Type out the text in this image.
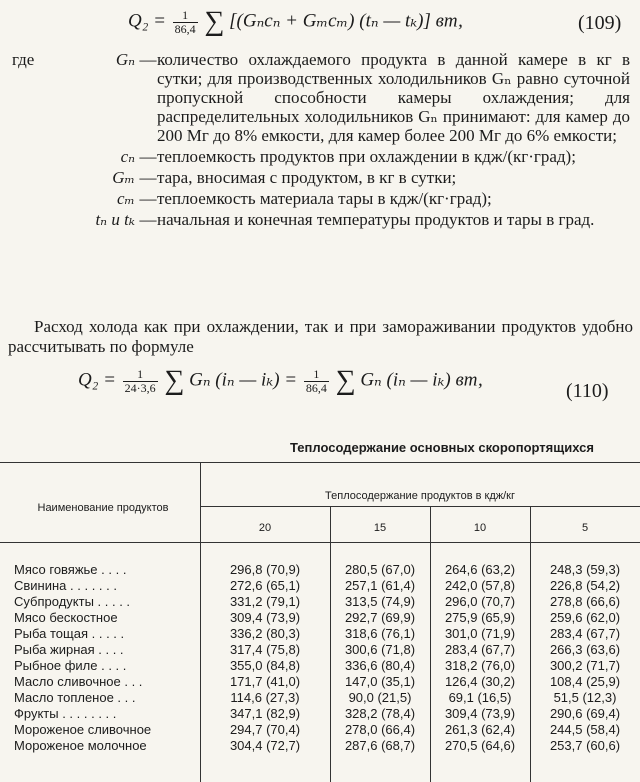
$Q_2 = \frac{1}{86,4}$ ∑ [(Gₙcₙ + Gₘcₘ) (tₙ — tₖ)] вт,	(109)
где	Gₙ — количество охлаждаемого продукта в данной камере в кг в сутки; для производственных холодильников Gₙ равно суточной пропускной способности камеры охлаждения; для распределительных холодильников Gₙ принимают: для камер до 200 Мг до 8% емкости, для камер более 200 Мг до 6% емкости;
cₙ — теплоемкость продуктов при охлаждении в кдж/(кг·град);
Gₘ — тара, вносимая с продуктом, в кг в сутки;
cₘ — теплоемкость материала тары в кдж/(кг·град);
tₙ и tₖ — начальная и конечная температуры продуктов и тары в град.
Расход холода как при охлаждении, так и при замораживании продуктов удобно рассчитывать по формуле
$Q_2 = \frac{1}{24\cdot 3,6}$ ∑ Gₙ (iₙ — $i_k) = \frac{1}{86,4}$ ∑ Gₙ (iₙ — iₖ) вт,
(110)
Теплосодержание основных скоропортящихся
Наименование продуктов
Теплосодержание продуктов в кдж/кг
20	15	10	5
Мясо говяжье . . . .	296,8 (70,9)	280,5 (67,0)	264,6 (63,2)	248,3 (59,3)
Свинина . . . . . . .	272,6 (65,1)	257,1 (61,4)	242,0 (57,8)	226,8 (54,2)
Субпродукты . . . . .	331,2 (79,1)	313,5 (74,9)	296,0 (70,7)	278,8 (66,6)
Мясо бескостное	309,4 (73,9)	292,7 (69,9)	275,9 (65,9)	259,6 (62,0)
Рыба тощая . . . . .	336,2 (80,3)	318,6 (76,1)	301,0 (71,9)	283,4 (67,7)
Рыба жирная . . . .	317,4 (75,8)	300,6 (71,8)	283,4 (67,7)	266,3 (63,6)
Рыбное филе . . . .	355,0 (84,8)	336,6 (80,4)	318,2 (76,0)	300,2 (71,7)
Масло сливочное . . .	171,7 (41,0)	147,0 (35,1)	126,4 (30,2)	108,4 (25,9)
Масло топленое . . .	114,6 (27,3)	90,0 (21,5)	69,1 (16,5)	51,5 (12,3)
Фрукты . . . . . . . .	347,1 (82,9)	328,2 (78,4)	309,4 (73,9)	290,6 (69,4)
Мороженое сливочное	294,7 (70,4)	278,0 (66,4)	261,3 (62,4)	244,5 (58,4)
Мороженое молочное	304,4 (72,7)	287,6 (68,7)	270,5 (64,6)	253,7 (60,6)
